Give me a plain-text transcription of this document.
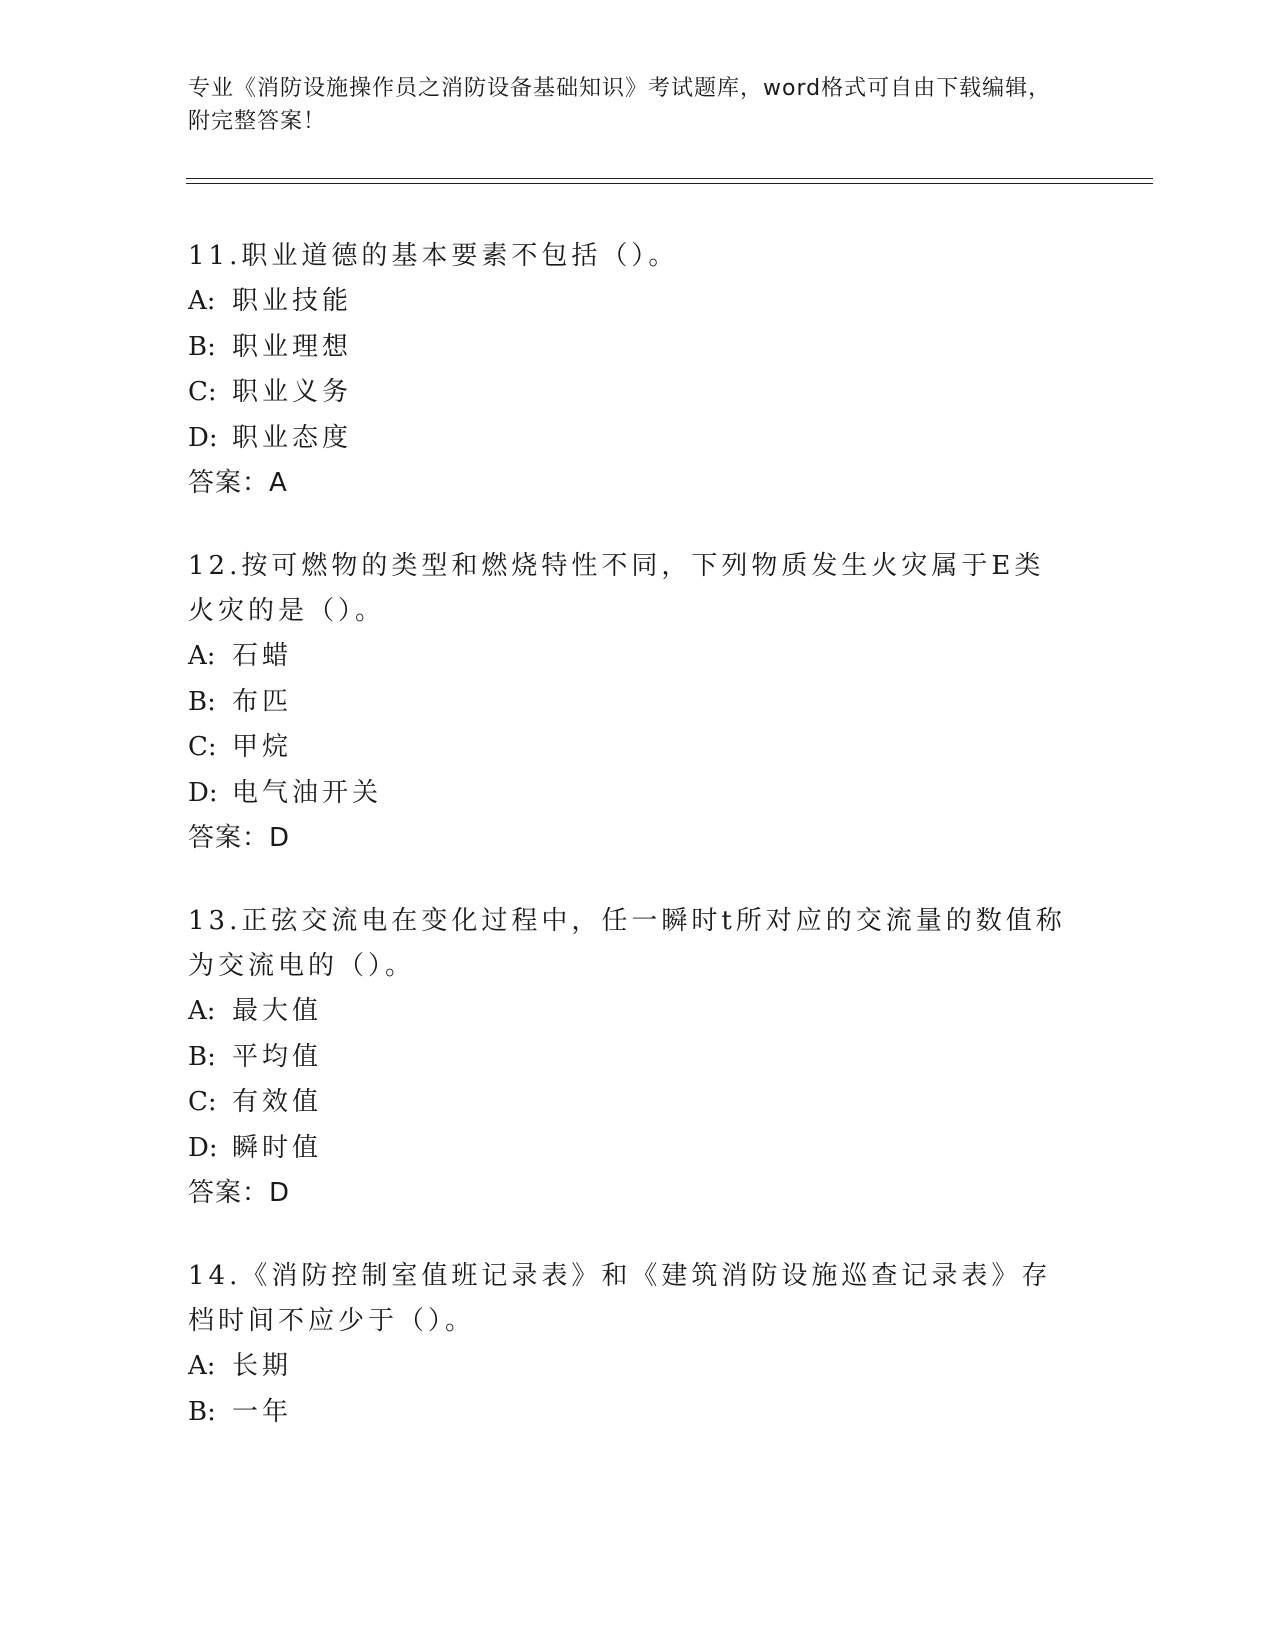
专业《消防设施操作员之消防设备基础知识》考试题库，word格式可自由下载编辑，附完整答案！
11.职业道德的基本要素不包括（）。
A: 职业技能
B: 职业理想
C: 职业义务
D: 职业态度
答案：A
12.按可燃物的类型和燃烧特性不同，下列物质发生火灾属于E类火灾的是（）。
A: 石蜡
B: 布匹
C: 甲烷
D: 电气油开关
答案：D
13.正弦交流电在变化过程中，任一瞬时t所对应的交流量的数值称为交流电的（）。
A: 最大值
B: 平均值
C: 有效值
D: 瞬时值
答案：D
14.《消防控制室值班记录表》和《建筑消防设施巡查记录表》存档时间不应少于（）。
A: 长期
B: 一年
